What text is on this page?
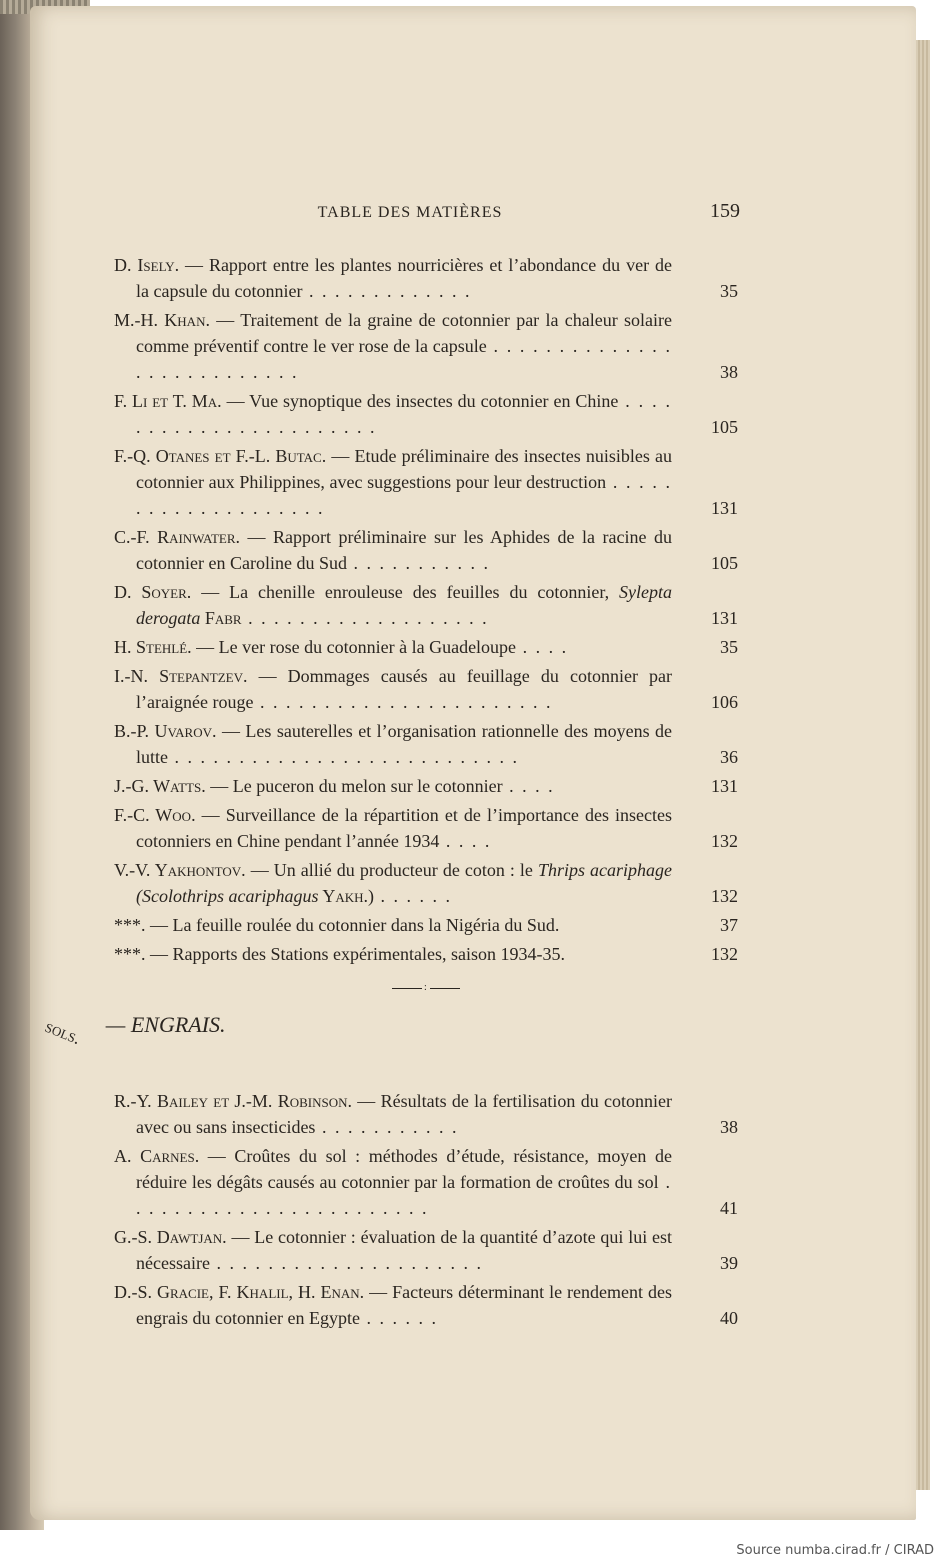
TABLE DES MATIÈRES	159
D. Isely. — Rapport entre les plantes nourricières et l’abondance du ver de la capsule du cotonnier . . . . . . . . . . . . .	35
M.-H. Khan. — Traitement de la graine de cotonnier par la chaleur solaire comme préventif contre le ver rose de la capsule . . . . . . . . . . . . . . . . . . . . . . . . . . .	38
F. Li et T. Ma. — Vue synoptique des insectes du cotonnier en Chine . . . . . . . . . . . . . . . . . . . . . . .	105
F.-Q. Otanes et F.-L. Butac. — Etude préliminaire des insectes nuisibles au cotonnier aux Philippines, avec suggestions pour leur destruction . . . . . . . . . . . . . . . . . . . .	131
C.-F. Rainwater. — Rapport préliminaire sur les Aphides de la racine du cotonnier en Caroline du Sud . . . . . . . . . . .	105
D. Soyer. — La chenille enrouleuse des feuilles du cotonnier, Sylepta derogata Fabr . . . . . . . . . . . . . . . . . . .	131
H. Stehlé. — Le ver rose du cotonnier à la Guadeloupe . . . .	35
I.-N. Stepantzev. — Dommages causés au feuillage du cotonnier par l’araignée rouge . . . . . . . . . . . . . . . . . . . . . . .	106
B.-P. Uvarov. — Les sauterelles et l’organisation rationnelle des moyens de lutte . . . . . . . . . . . . . . . . . . . . . . . . . . .	36
J.-G. Watts. — Le puceron du melon sur le cotonnier . . . .	131
F.-C. Woo. — Surveillance de la répartition et de l’importance des insectes cotonniers en Chine pendant l’année 1934 . . . .	132
V.-V. Yakhontov. — Un allié du producteur de coton : le Thrips acariphage (Scolothrips acariphagus Yakh.) . . . . . .	132
***. — La feuille roulée du cotonnier dans la Nigéria du Sud.	37
***. — Rapports des Stations expérimentales, saison 1934-35.	132
:
sols. — ENGRAIS.
R.-Y. Bailey et J.-M. Robinson. — Résultats de la fertilisation du cotonnier avec ou sans insecticides . . . . . . . . . . .	38
A. Carnes. — Croûtes du sol : méthodes d’étude, résistance, moyen de réduire les dégâts causés au cotonnier par la formation de croûtes du sol . . . . . . . . . . . . . . . . . . . . . . . .	41
G.-S. Dawtjan. — Le cotonnier : évaluation de la quantité d’azote qui lui est nécessaire . . . . . . . . . . . . . . . . . . . . .	39
D.-S. Gracie, F. Khalil, H. Enan. — Facteurs déterminant le rendement des engrais du cotonnier en Egypte . . . . . .	40
Source numba.cirad.fr / CIRAD
